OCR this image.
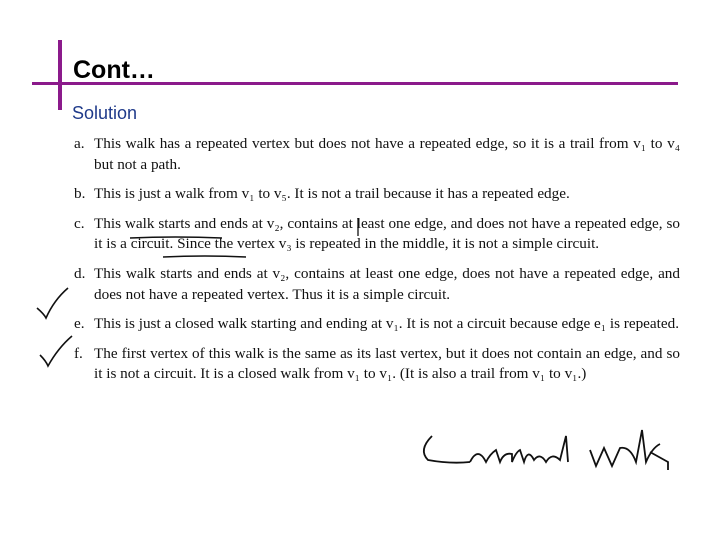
Cont…
Solution
a. This walk has a repeated vertex but does not have a repeated edge, so it is a trail from v₁ to v₄ but not a path.
b. This is just a walk from v₁ to v₅. It is not a trail because it has a repeated edge.
c. This walk starts and ends at v₂, contains at least one edge, and does not have a repeated edge, so it is a circuit. Since the vertex v₃ is repeated in the middle, it is not a simple circuit.
d. This walk starts and ends at v₂, contains at least one edge, does not have a repeated edge, and does not have a repeated vertex. Thus it is a simple circuit.
e. This is just a closed walk starting and ending at v₁. It is not a circuit because edge e₁ is repeated.
f. The first vertex of this walk is the same as its last vertex, but it does not contain an edge, and so it is not a circuit. It is a closed walk from v₁ to v₁. (It is also a trail from v₁ to v₁.)
trivial walk,
